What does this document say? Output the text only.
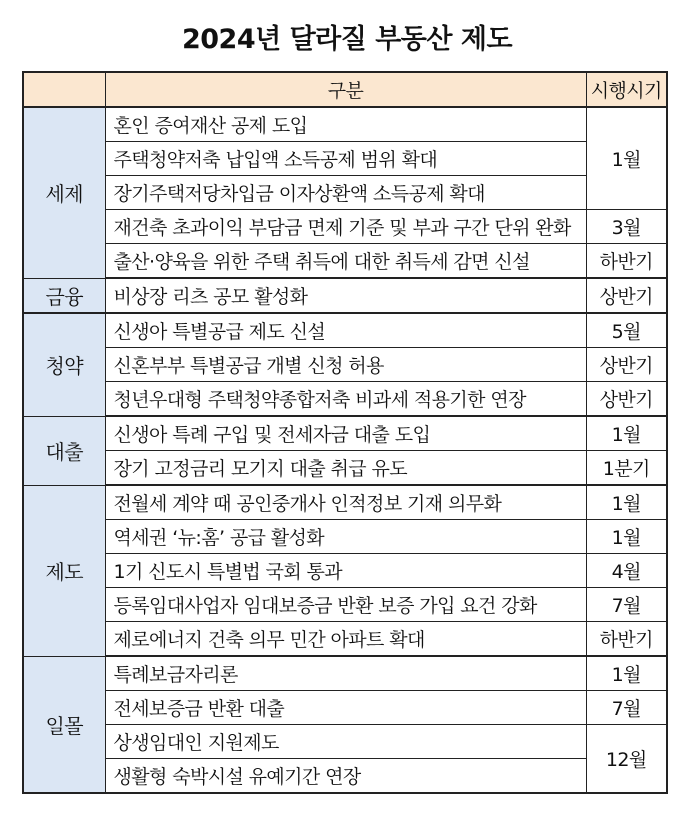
2024년 달라질 부동산 제도
	구분	시행시기
세제	혼인 증여재산 공제 도입	1월
	주택청약저축 납입액 소득공제 범위 확대	
	장기주택저당차입금 이자상환액 소득공제 확대	
	재건축 초과이익 부담금 면제 기준 및 부과 구간 단위 완화	3월
	출산·양육을 위한 주택 취득에 대한 취득세 감면 신설	하반기
금융	비상장 리츠 공모 활성화	상반기
청약	신생아 특별공급 제도 신설	5월
	신혼부부 특별공급 개별 신청 허용	상반기
	청년우대형 주택청약종합저축 비과세 적용기한 연장	상반기
대출	신생아 특례 구입 및 전세자금 대출 도입	1월
	장기 고정금리 모기지 대출 취급 유도	1분기
제도	전월세 계약 때 공인중개사 인적정보 기재 의무화	1월
	역세권 ‘뉴:홈’ 공급 활성화	1월
	1기 신도시 특별법 국회 통과	4월
	등록임대사업자 임대보증금 반환 보증 가입 요건 강화	7월
	제로에너지 건축 의무 민간 아파트 확대	하반기
일몰	특례보금자리론	1월
	전세보증금 반환 대출	7월
	상생임대인 지원제도	12월
	생활형 숙박시설 유예기간 연장	
